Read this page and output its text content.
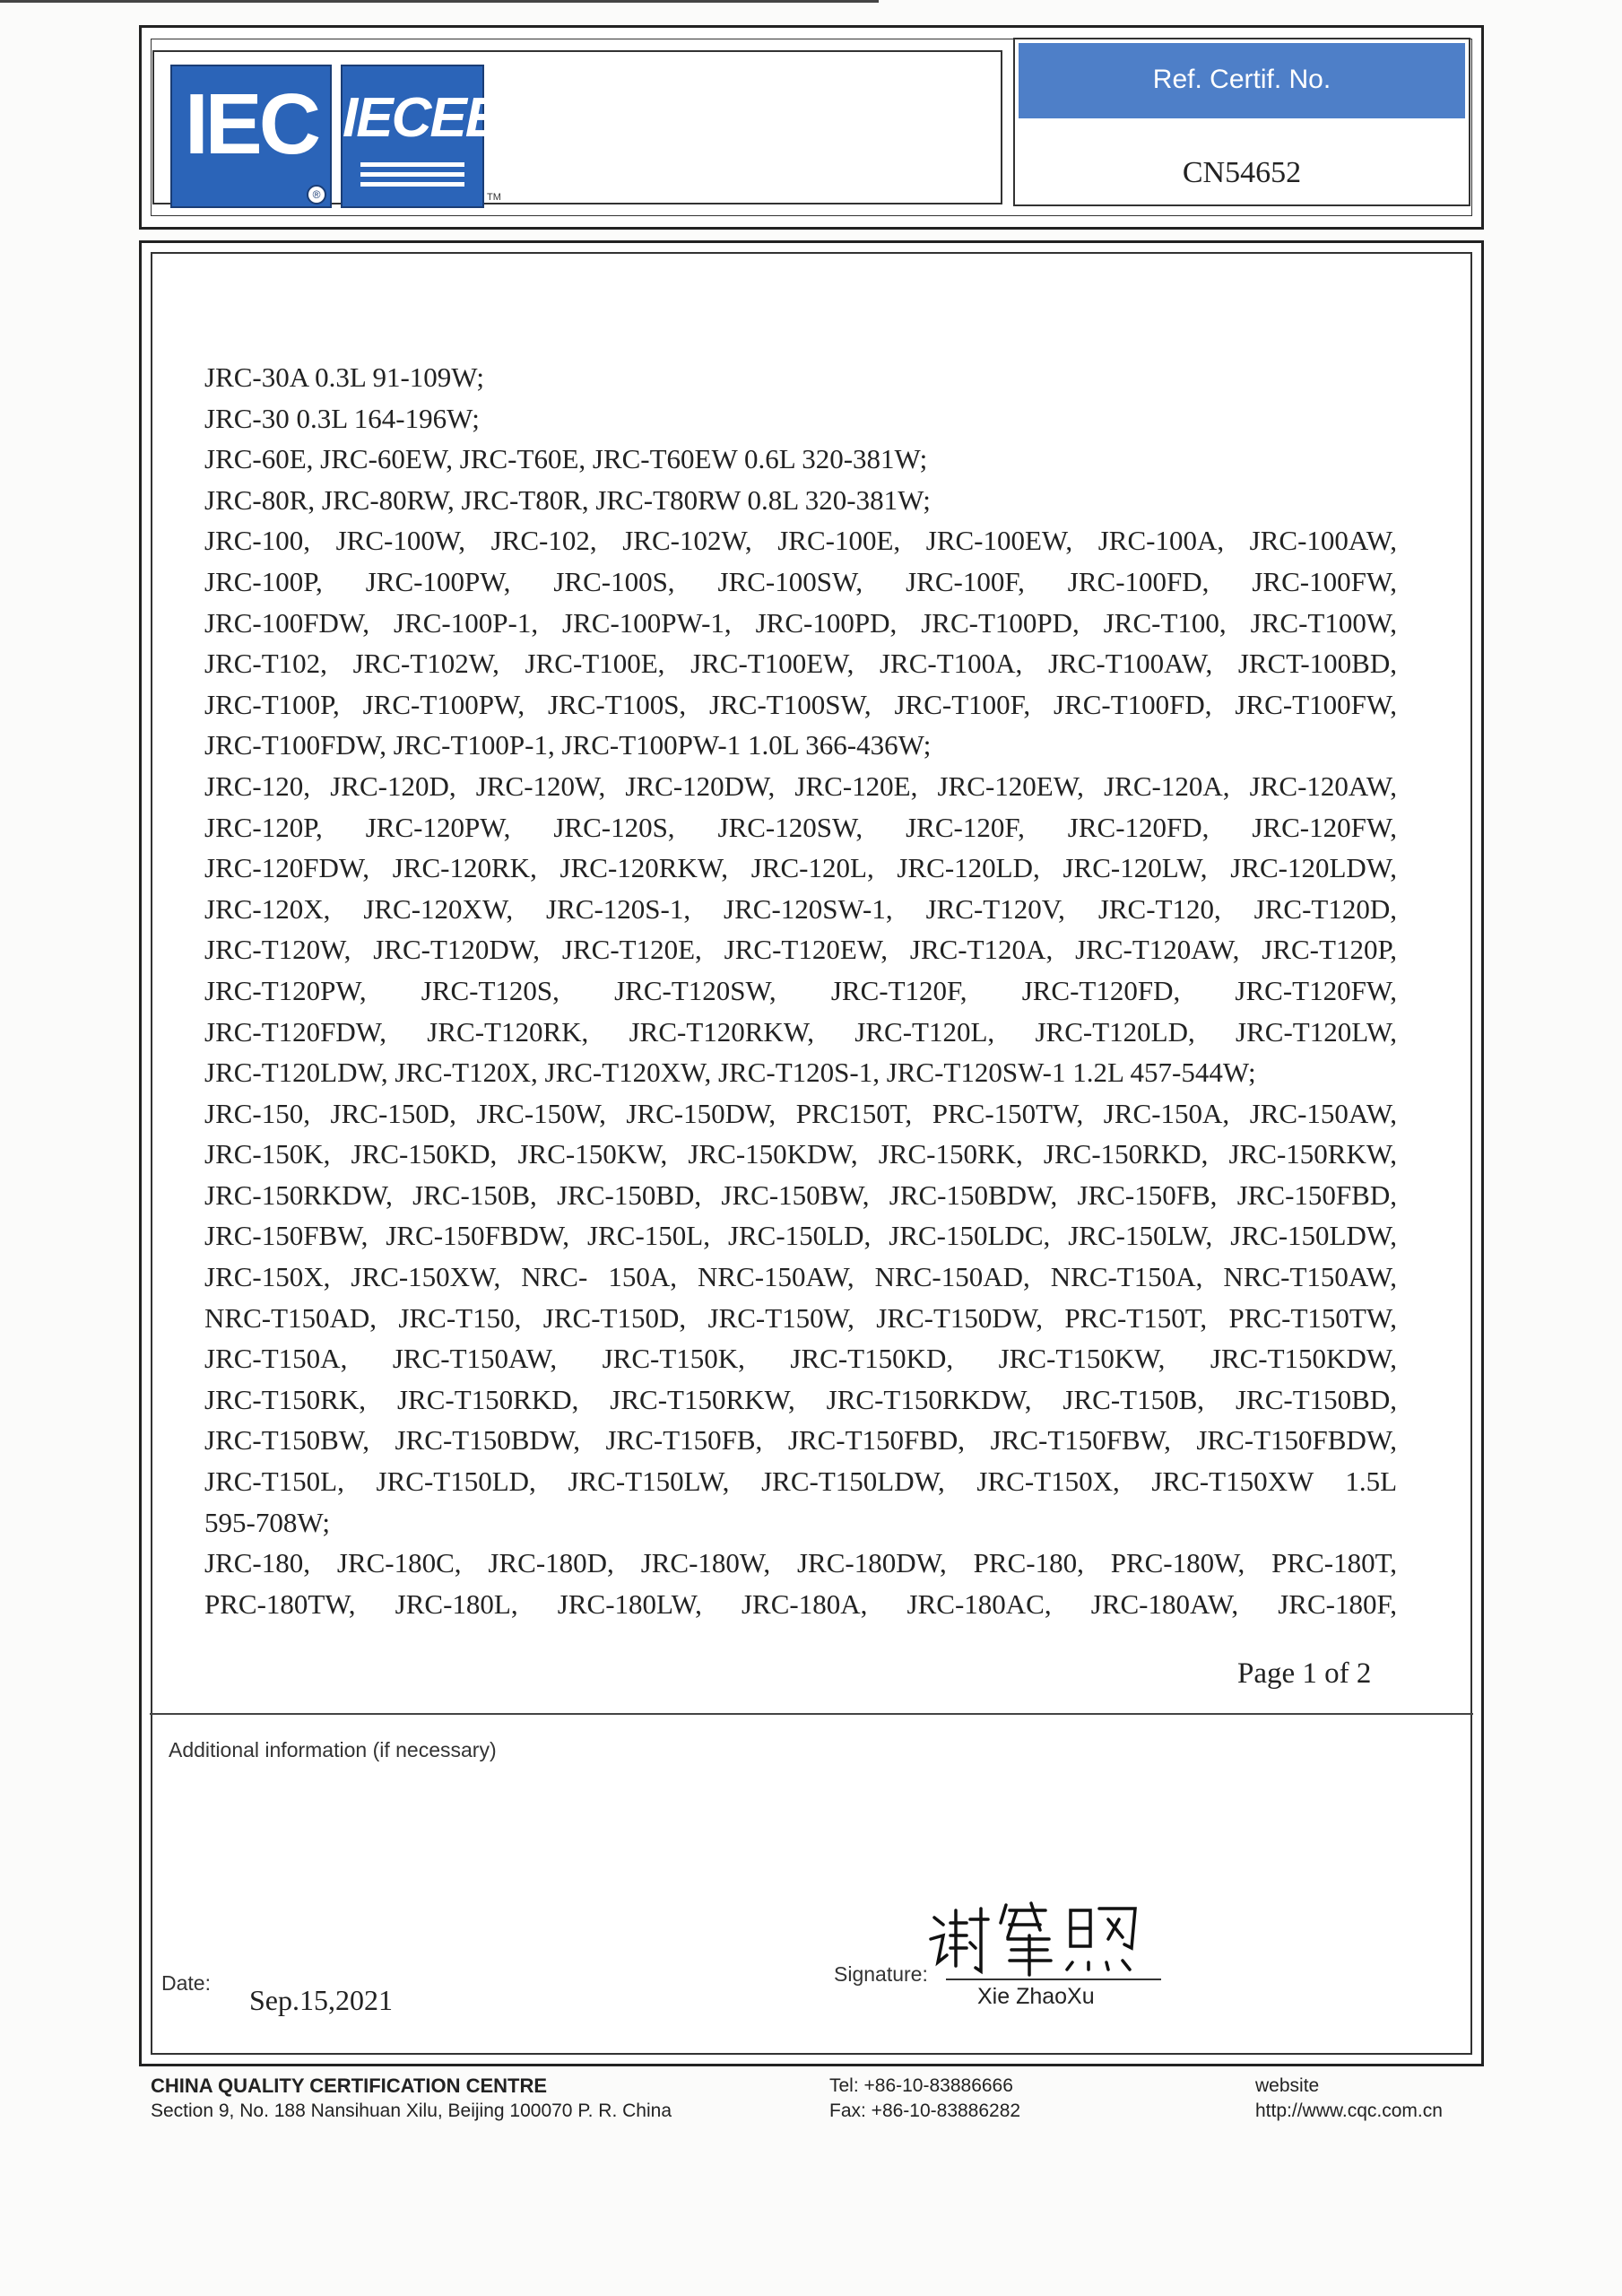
IEC
®
IECEE
TM
Ref. Certif. No.
CN54652
JRC-30A 0.3L 91-109W;
JRC-30 0.3L 164-196W;
JRC-60E, JRC-60EW, JRC-T60E, JRC-T60EW 0.6L 320-381W;
JRC-80R, JRC-80RW, JRC-T80R, JRC-T80RW 0.8L 320-381W;
JRC-100, JRC-100W, JRC-102, JRC-102W, JRC-100E, JRC-100EW, JRC-100A, JRC-100AW,
JRC-100P, JRC-100PW, JRC-100S, JRC-100SW, JRC-100F, JRC-100FD, JRC-100FW,
JRC-100FDW, JRC-100P-1, JRC-100PW-1, JRC-100PD, JRC-T100PD, JRC-T100, JRC-T100W,
JRC-T102, JRC-T102W, JRC-T100E, JRC-T100EW, JRC-T100A, JRC-T100AW, JRCT-100BD,
JRC-T100P, JRC-T100PW, JRC-T100S, JRC-T100SW, JRC-T100F, JRC-T100FD, JRC-T100FW,
JRC-T100FDW, JRC-T100P-1, JRC-T100PW-1 1.0L 366-436W;
JRC-120, JRC-120D, JRC-120W, JRC-120DW, JRC-120E, JRC-120EW, JRC-120A, JRC-120AW,
JRC-120P, JRC-120PW, JRC-120S, JRC-120SW, JRC-120F, JRC-120FD, JRC-120FW,
JRC-120FDW, JRC-120RK, JRC-120RKW, JRC-120L, JRC-120LD, JRC-120LW, JRC-120LDW,
JRC-120X, JRC-120XW, JRC-120S-1, JRC-120SW-1, JRC-T120V, JRC-T120, JRC-T120D,
JRC-T120W, JRC-T120DW, JRC-T120E, JRC-T120EW, JRC-T120A, JRC-T120AW, JRC-T120P,
JRC-T120PW, JRC-T120S, JRC-T120SW, JRC-T120F, JRC-T120FD, JRC-T120FW,
JRC-T120FDW, JRC-T120RK, JRC-T120RKW, JRC-T120L, JRC-T120LD, JRC-T120LW,
JRC-T120LDW, JRC-T120X, JRC-T120XW, JRC-T120S-1, JRC-T120SW-1 1.2L 457-544W;
JRC-150, JRC-150D, JRC-150W, JRC-150DW, PRC150T, PRC-150TW, JRC-150A, JRC-150AW,
JRC-150K, JRC-150KD, JRC-150KW, JRC-150KDW, JRC-150RK, JRC-150RKD, JRC-150RKW,
JRC-150RKDW, JRC-150B, JRC-150BD, JRC-150BW, JRC-150BDW, JRC-150FB, JRC-150FBD,
JRC-150FBW, JRC-150FBDW, JRC-150L, JRC-150LD, JRC-150LDC, JRC-150LW, JRC-150LDW,
JRC-150X, JRC-150XW, NRC- 150A, NRC-150AW, NRC-150AD, NRC-T150A, NRC-T150AW,
NRC-T150AD, JRC-T150, JRC-T150D, JRC-T150W, JRC-T150DW, PRC-T150T, PRC-T150TW,
JRC-T150A, JRC-T150AW, JRC-T150K, JRC-T150KD, JRC-T150KW, JRC-T150KDW,
JRC-T150RK, JRC-T150RKD, JRC-T150RKW, JRC-T150RKDW, JRC-T150B, JRC-T150BD,
JRC-T150BW, JRC-T150BDW, JRC-T150FB, JRC-T150FBD, JRC-T150FBW, JRC-T150FBDW,
JRC-T150L, JRC-T150LD, JRC-T150LW, JRC-T150LDW, JRC-T150X, JRC-T150XW 1.5L
595-708W;
JRC-180, JRC-180C, JRC-180D, JRC-180W, JRC-180DW, PRC-180, PRC-180W, PRC-180T,
PRC-180TW, JRC-180L, JRC-180LW, JRC-180A, JRC-180AC, JRC-180AW, JRC-180F,
Page 1 of 2
Additional information (if necessary)
Date:
Sep.15,2021
Signature:
谢肇煦
Xie ZhaoXu
CHINA QUALITY CERTIFICATION CENTRE
Section 9, No. 188 Nansihuan Xilu, Beijing 100070 P. R. China
Tel: +86-10-83886666
Fax: +86-10-83886282
website
http://www.cqc.com.cn
